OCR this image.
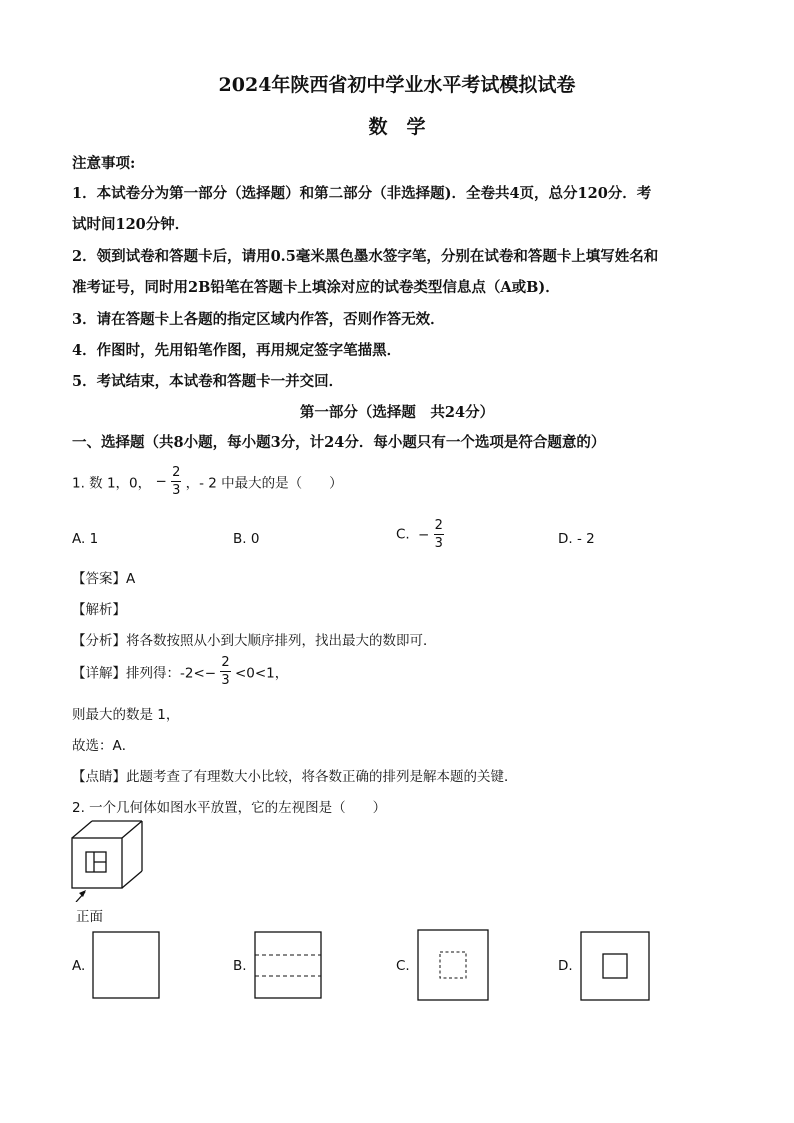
2024年陕西省初中学业水平考试模拟试卷
数　学
注意事项:
1．本试卷分为第一部分（选择题）和第二部分（非选择题)．全卷共4页，总分120分．考
试时间120分钟．
2．领到试卷和答题卡后，请用0.5毫米黑色墨水签字笔，分别在试卷和答题卡上填写姓名和
准考证号，同时用2B铅笔在答题卡上填涂对应的试卷类型信息点（A或B)．
3．请在答题卡上各题的指定区域内作答，否则作答无效．
4．作图时，先用铅笔作图，再用规定签字笔描黑．
5．考试结束，本试卷和答题卡一并交回．
第一部分（选择题　共24分）
一、选择题（共8小题，每小题3分，计24分．每小题只有一个选项是符合题意的）
1. 数 1，0， − $\frac{2}{3}$ ，- 2 中最大的是（　　）
A. 1	B. 0	C. − $\frac{2}{3}$	D. - 2
【答案】A
【解析】
【分析】将各数按照从小到大顺序排列，找出最大的数即可．
【详解】排列得：$-2<- \frac{2}{3} <0<1$，
则最大的数是 1，
故选：A．
【点睛】此题考查了有理数大小比较，将各数正确的排列是解本题的关键．
2. 一个几何体如图水平放置，它的左视图是（　　）
正面
A.	B.	C.	D.
